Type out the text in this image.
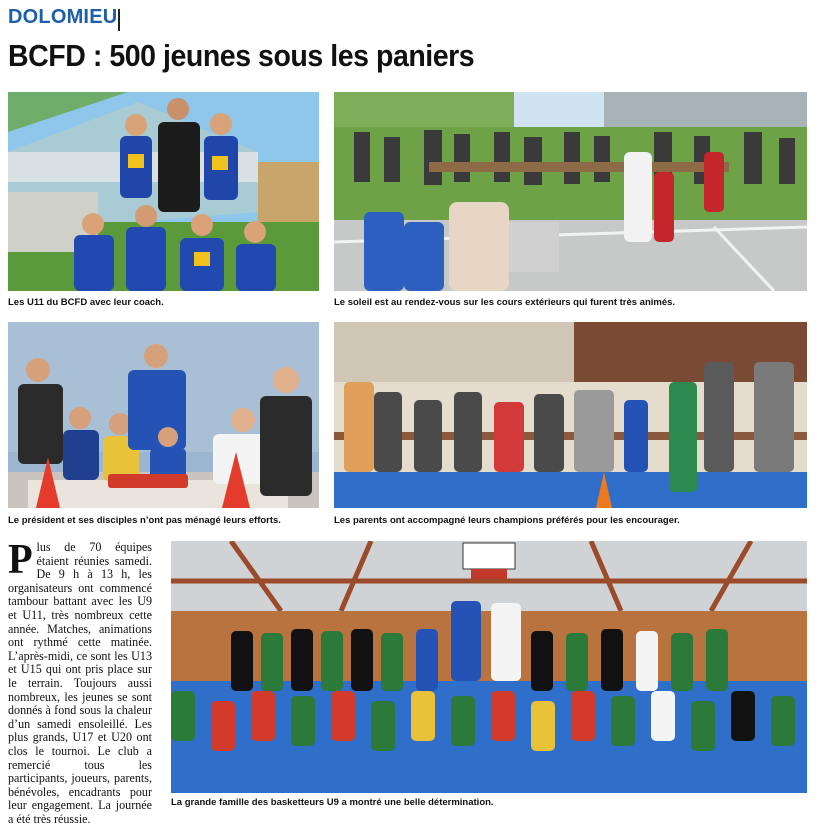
DOLOMIEU
BCFD : 500 jeunes sous les paniers
Les U11 du BCFD avec leur coach.	Le soleil est au rendez-vous sur les cours extérieurs qui furent très animés.
Le président et ses disciples n’ont pas ménagé leurs efforts.	Les parents ont accompagné leurs champions préférés pour les encourager.
Plus de 70 équipes étaient réunies samedi. De 9 h à 13 h, les organisateurs ont commencé tambour battant avec les U9 et U11, très nombreux cette année. Matches, animations ont rythmé cette matinée. L’après-midi, ce sont les U13 et U15 qui ont pris place sur le terrain. Toujours aussi nombreux, les jeunes se sont donnés à fond sous la chaleur d’un samedi ensoleillé. Les plus grands, U17 et U20 ont clos le tournoi. Le club a remercié tous les participants, joueurs, parents, bénévoles, encadrants pour leur engagement. La journée a été très réussie.
La grande famille des basketteurs U9 a montré une belle détermination.
